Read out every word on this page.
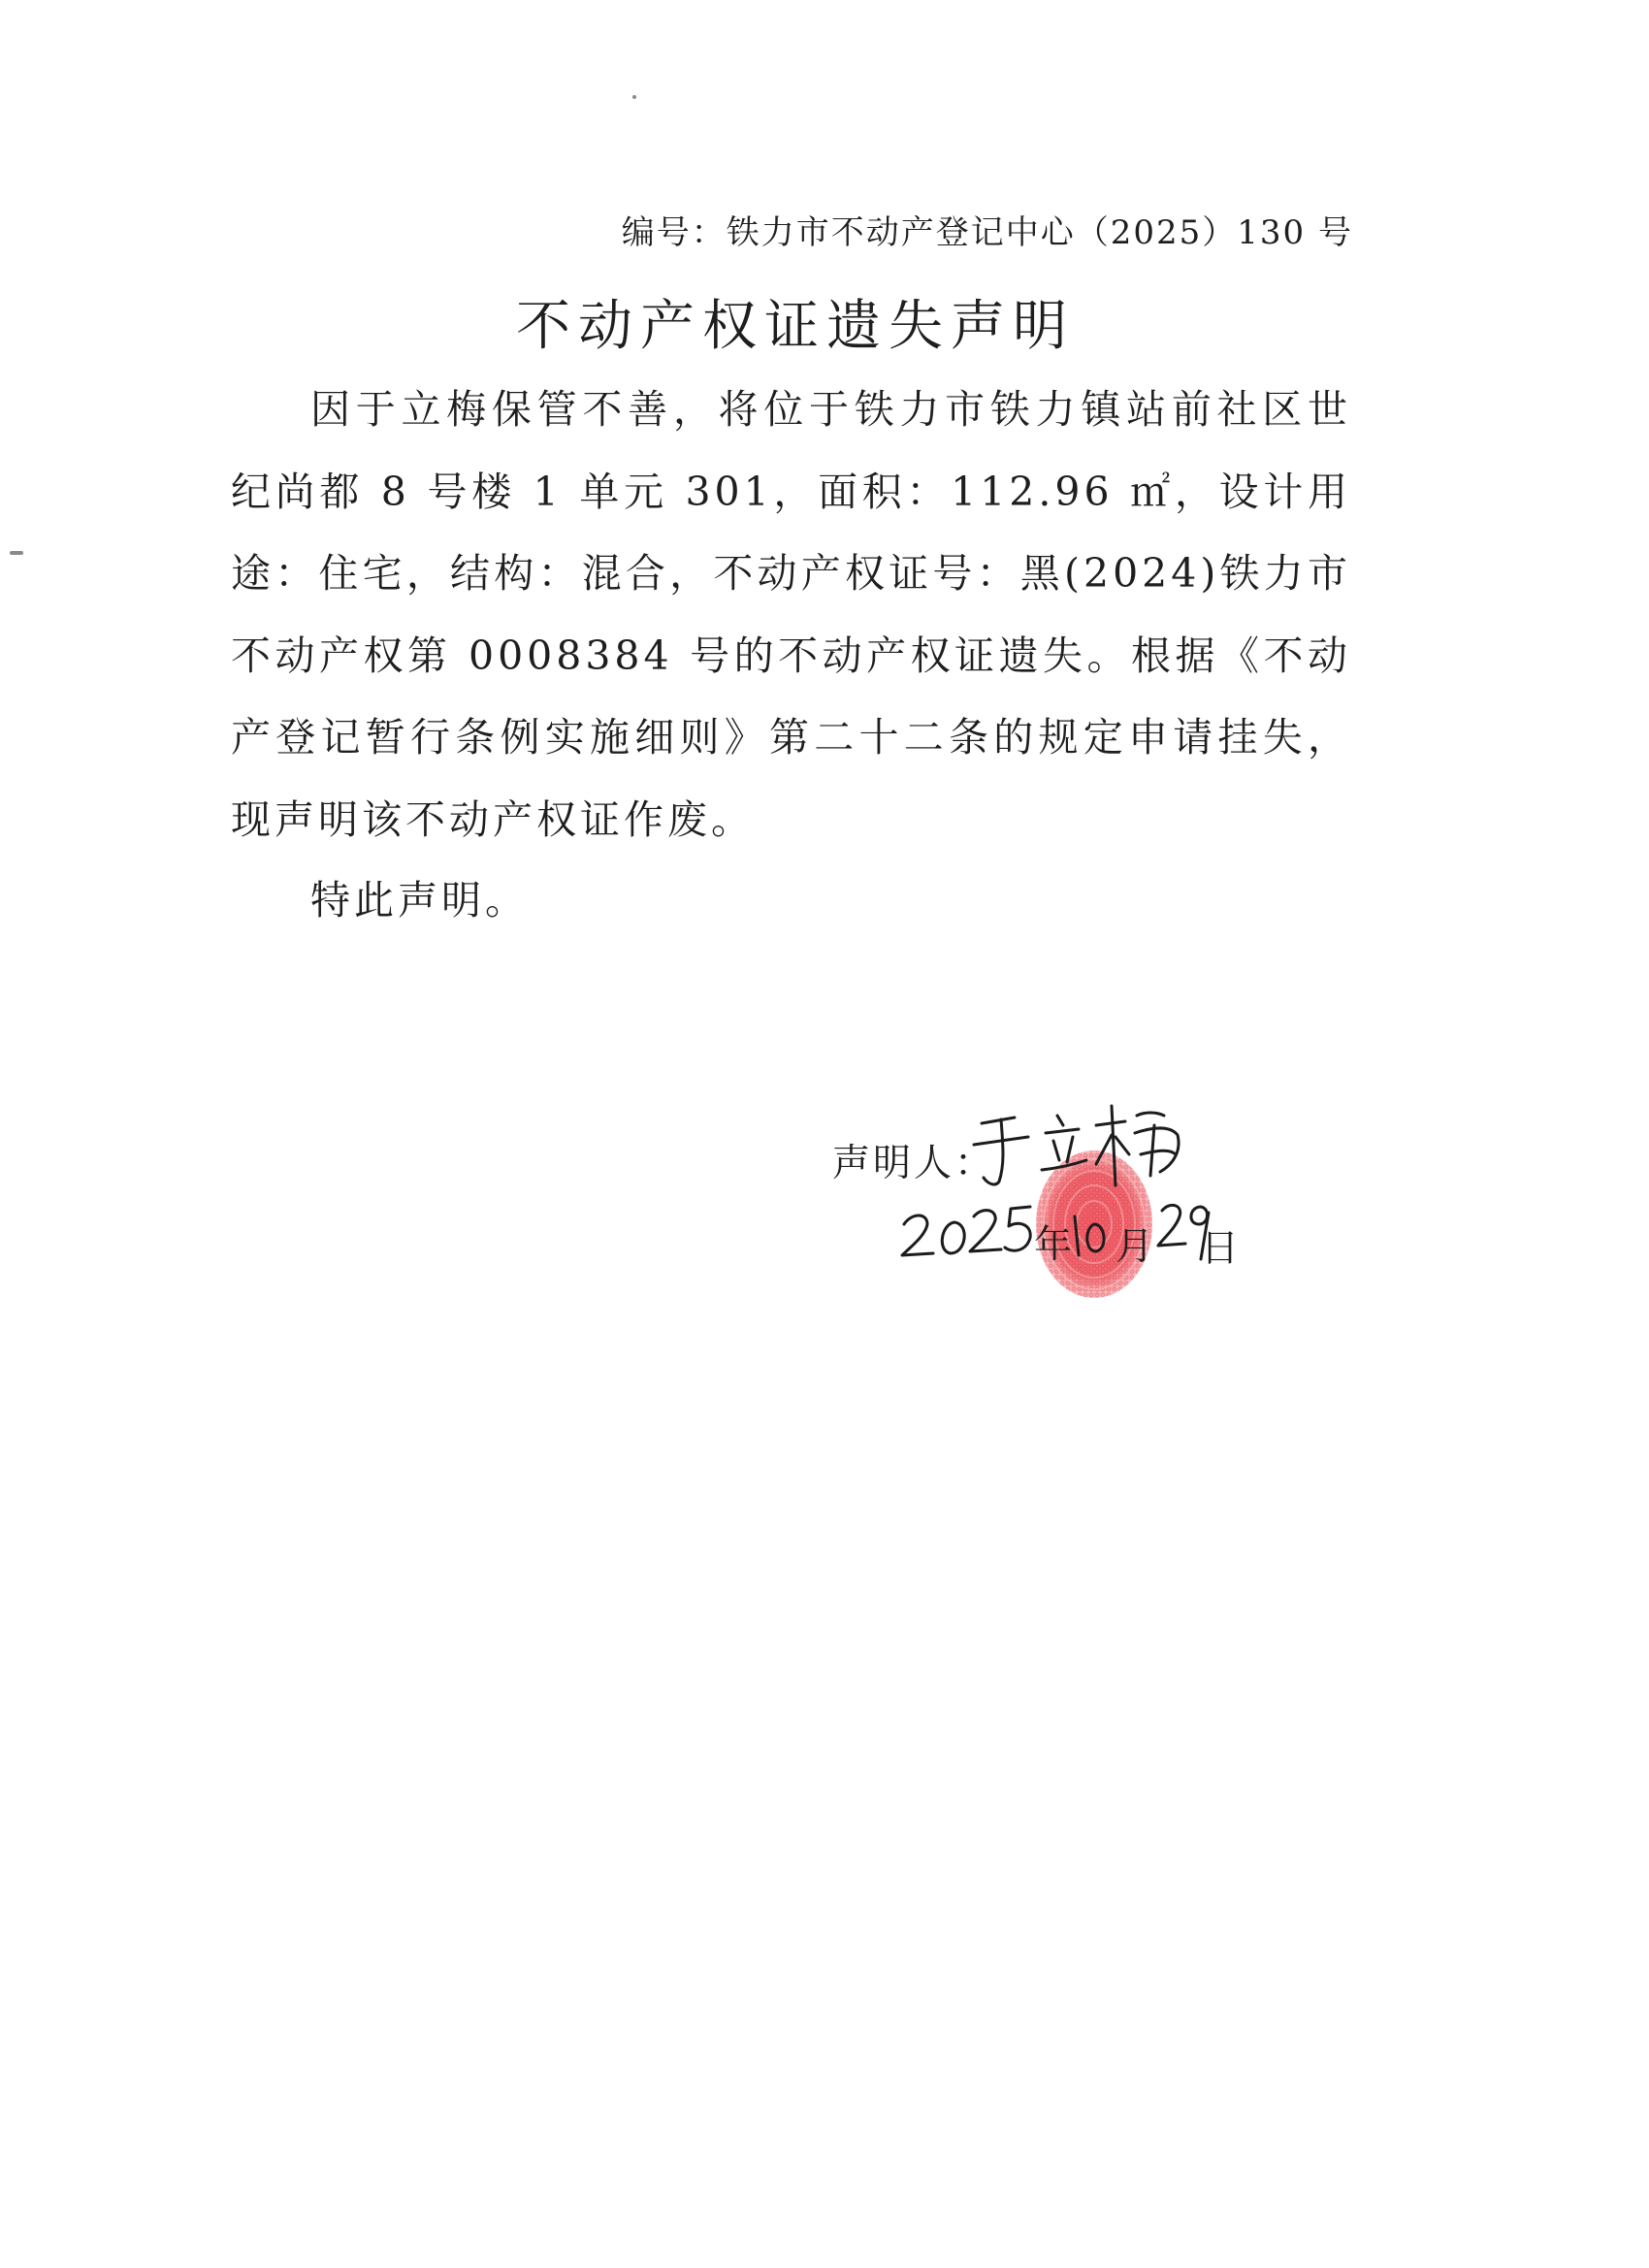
编号：铁力市不动产登记中心（2025）130 号
不动产权证遗失声明

因于立梅保管不善，将位于铁力市铁力镇站前社区世纪尚都 8 号楼 1 单元 301，面积：112.96 ㎡，设计用途：住宅，结构：混合，不动产权证号：黑(2024)铁力市不动产权第 0008384 号的不动产权证遗失。根据《不动产登记暂行条例实施细则》第二十二条的规定申请挂失，现声明该不动产权证作废。

特此声明。

声明人：
年 月 日
